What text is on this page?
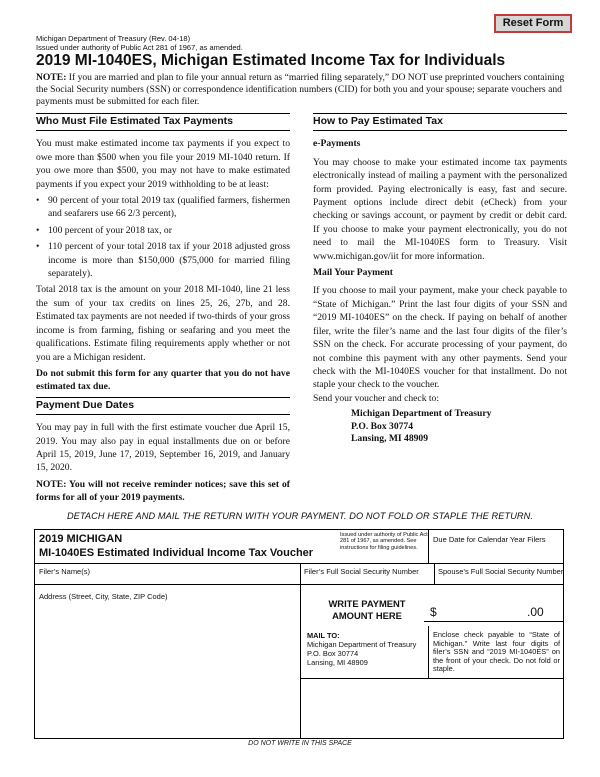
Reset Form
Michigan Department of Treasury (Rev. 04-18)
Issued under authority of Public Act 281 of 1967, as amended.
2019 MI-1040ES, Michigan Estimated Income Tax for Individuals
NOTE: If you are married and plan to file your annual return as “married filing separately,” DO NOT use preprinted vouchers containing the Social Security numbers (SSN) or correspondence identification numbers (CID) for both you and your spouse; separate vouchers and payments must be submitted for each filer.
Who Must File Estimated Tax Payments

You must make estimated income tax payments if you expect to owe more than $500 when you file your 2019 MI-1040 return. If you owe more than $500, you may not have to make estimated payments if you expect your 2019 withholding to be at least:

• 90 percent of your total 2019 tax (qualified farmers, fishermen and seafarers use 66 2/3 percent),
• 100 percent of your 2018 tax, or
• 110 percent of your total 2018 tax if your 2018 adjusted gross income is more than $150,000 ($75,000 for married filing separately).

Total 2018 tax is the amount on your 2018 MI-1040, line 21 less the sum of your tax credits on lines 25, 26, 27b, and 28. Estimated tax payments are not needed if two-thirds of your gross income is from farming, fishing or seafaring and you meet the qualifications. Estimate filing requirements apply whether or not you are a Michigan resident.

Do not submit this form for any quarter that you do not have estimated tax due.

Payment Due Dates

You may pay in full with the first estimate voucher due April 15, 2019. You may also pay in equal installments due on or before April 15, 2019, June 17, 2019, September 16, 2019, and January 15, 2020.

NOTE: You will not receive reminder notices; save this set of forms for all of your 2019 payments.

How to Pay Estimated Tax
e-Payments

You may choose to make your estimated income tax payments electronically instead of mailing a payment with the personalized form provided. Paying electronically is easy, fast and secure. Payment options include direct debit (eCheck) from your checking or savings account, or payment by credit or debit card. If you choose to make your payment electronically, you do not need to mail the MI-1040ES form to Treasury. Visit www.michigan.gov/iit for more information.

Mail Your Payment

If you choose to mail your payment, make your check payable to “State of Michigan.” Print the last four digits of your SSN and “2019 MI-1040ES” on the check. If paying on behalf of another filer, write the filer’s name and the last four digits of the filer’s SSN on the check. For accurate processing of your payment, do not combine this payment with any other payments. Send your check with the MI-1040ES voucher for that installment. Do not staple your check to the voucher.

Send your voucher and check to:

Michigan Department of Treasury
P.O. Box 30774
Lansing, MI 48909
DETACH HERE AND MAIL THE RETURN WITH YOUR PAYMENT. DO NOT FOLD OR STAPLE THE RETURN.
2019 MICHIGAN
MI-1040ES Estimated Individual Income Tax Voucher
Issued under authority of Public Act 281 of 1967, as amended. See instructions for filing guidelines.
Due Date for Calendar Year Filers
Filer’s Name(s)	Filer’s Full Social Security Number	Spouse’s Full Social Security Number
Address (Street, City, State, ZIP Code)
WRITE PAYMENT
AMOUNT HERE	$	.00
MAIL TO:
Michigan Department of Treasury
P.O. Box 30774
Lansing, MI 48909
Enclose check payable to “State of Michigan.” Write last four digits of filer’s SSN and “2019 MI-1040ES” on the front of your check. Do not fold or staple.
DO NOT WRITE IN THIS SPACE
